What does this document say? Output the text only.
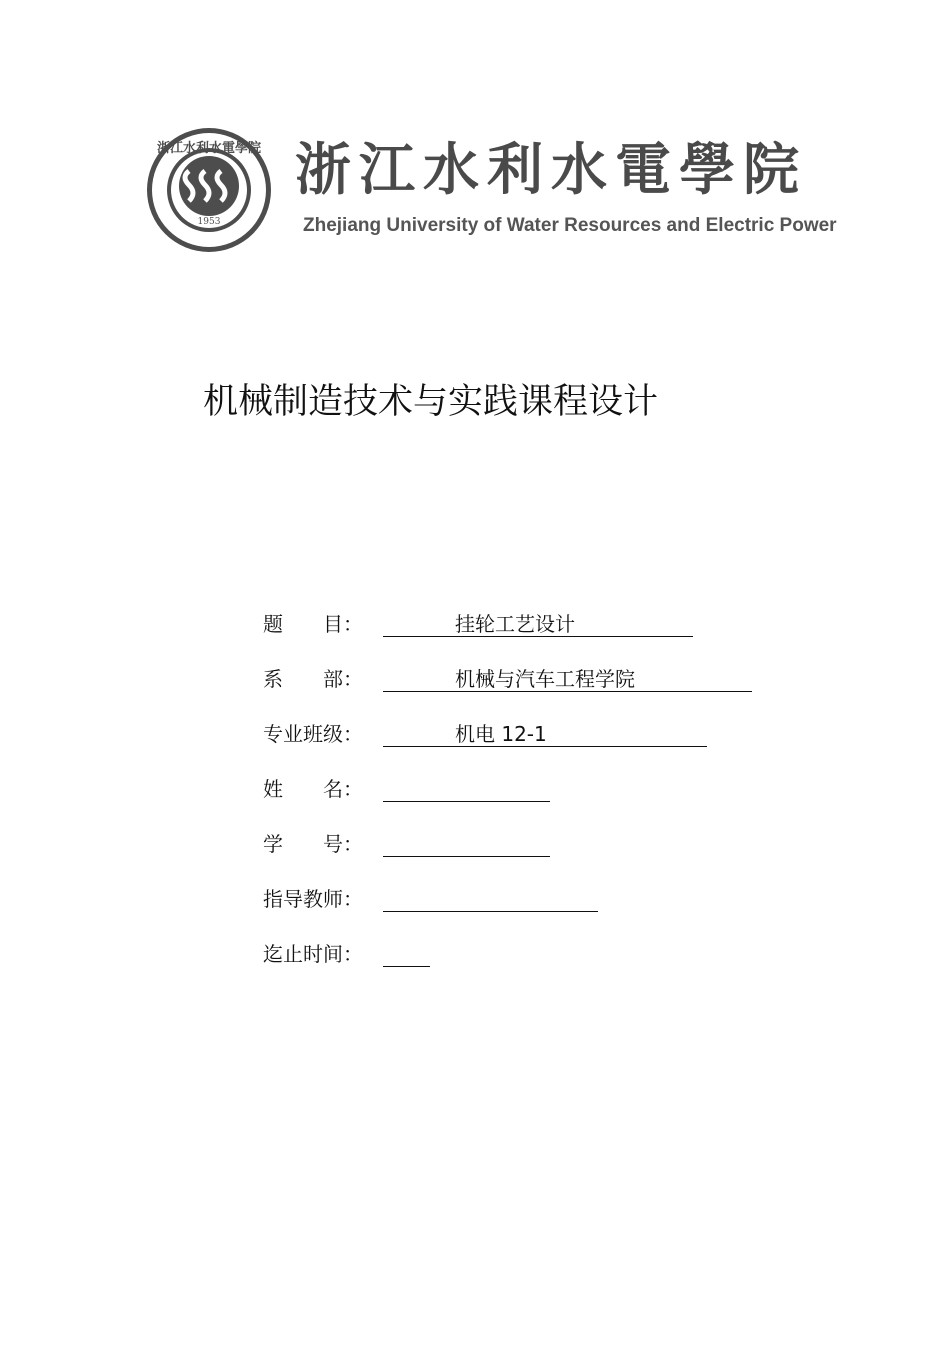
1953
浙江水利水電學院 浙江水利水電學院
Zhejiang University of Water Resources and Electric Power
机械制造技术与实践课程设计
题　　目：	挂轮工艺设计
系　　部：	机械与汽车工程学院
专业班级：	机电 12-1
姓　　名：
学　　号：
指导教师：
迄止时间：
